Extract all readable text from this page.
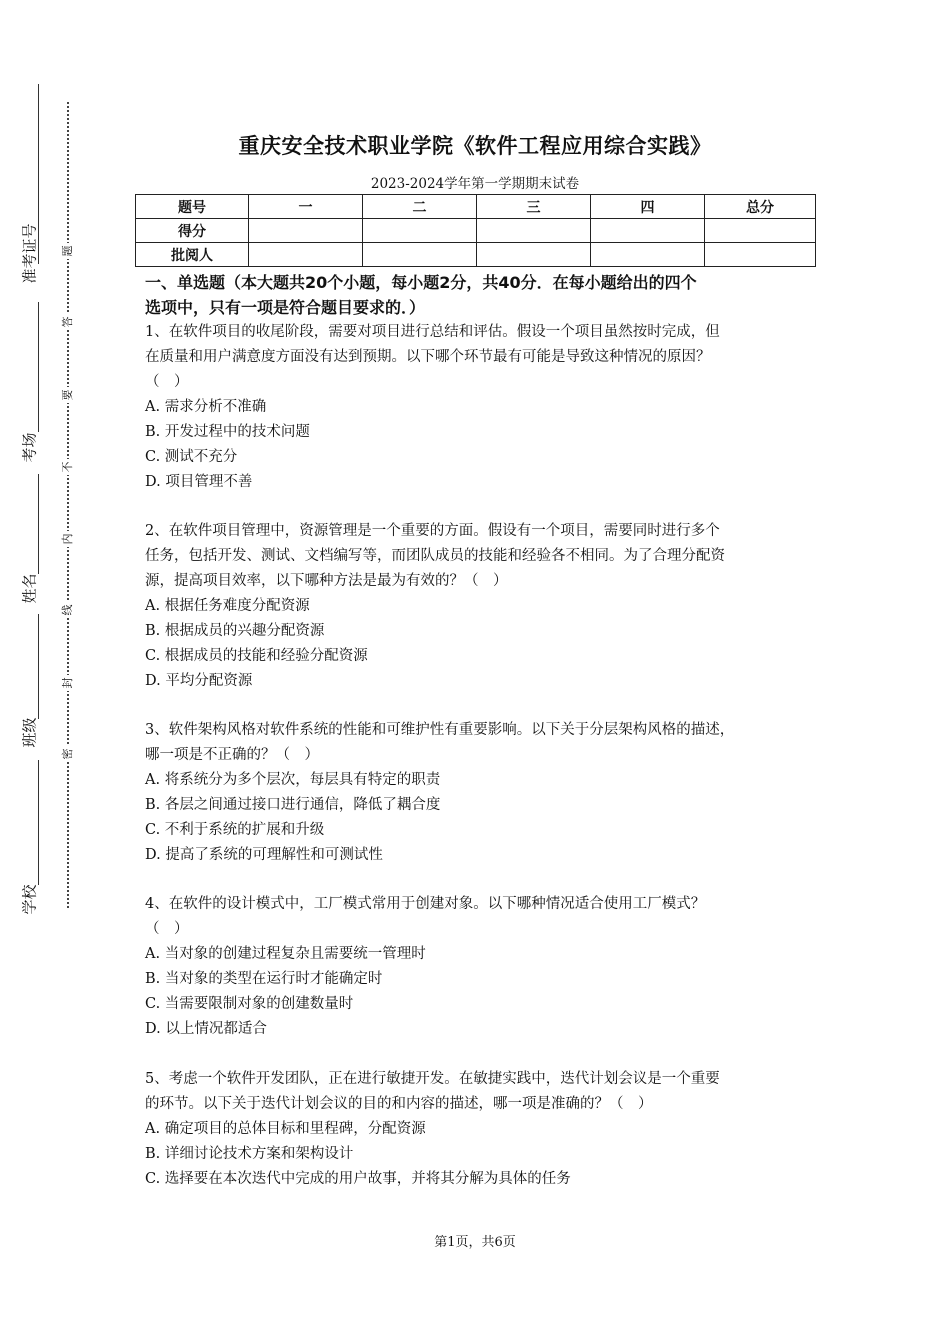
准考证号
考场
姓名
班级
学校
题
答
要
不
内
线
封
密
重庆安全技术职业学院《软件工程应用综合实践》
2023-2024学年第一学期期末试卷
题号	一	二	三	四	总分
得分					
批阅人					
一、单选题（本大题共20个小题，每小题2分，共40分．在每小题给出的四个
选项中，只有一项是符合题目要求的．）

1、在软件项目的收尾阶段，需要对项目进行总结和评估。假设一个项目虽然按时完成，但

在质量和用户满意度方面没有达到预期。以下哪个环节最有可能是导致这种情况的原因？

（　）

A. 需求分析不准确

B. 开发过程中的技术问题

C. 测试不充分

D. 项目管理不善

2、在软件项目管理中，资源管理是一个重要的方面。假设有一个项目，需要同时进行多个

任务，包括开发、测试、文档编写等，而团队成员的技能和经验各不相同。为了合理分配资

源，提高项目效率，以下哪种方法是最为有效的？（　）

A. 根据任务难度分配资源

B. 根据成员的兴趣分配资源

C. 根据成员的技能和经验分配资源

D. 平均分配资源

3、软件架构风格对软件系统的性能和可维护性有重要影响。以下关于分层架构风格的描述，

哪一项是不正确的？（　）

A. 将系统分为多个层次，每层具有特定的职责

B. 各层之间通过接口进行通信，降低了耦合度

C. 不利于系统的扩展和升级

D. 提高了系统的可理解性和可测试性

4、在软件的设计模式中，工厂模式常用于创建对象。以下哪种情况适合使用工厂模式？

（　）

A. 当对象的创建过程复杂且需要统一管理时

B. 当对象的类型在运行时才能确定时

C. 当需要限制对象的创建数量时

D. 以上情况都适合

5、考虑一个软件开发团队，正在进行敏捷开发。在敏捷实践中，迭代计划会议是一个重要

的环节。以下关于迭代计划会议的目的和内容的描述，哪一项是准确的？（　）

A. 确定项目的总体目标和里程碑，分配资源

B. 详细讨论技术方案和架构设计

C. 选择要在本次迭代中完成的用户故事，并将其分解为具体的任务

第1页，共6页
